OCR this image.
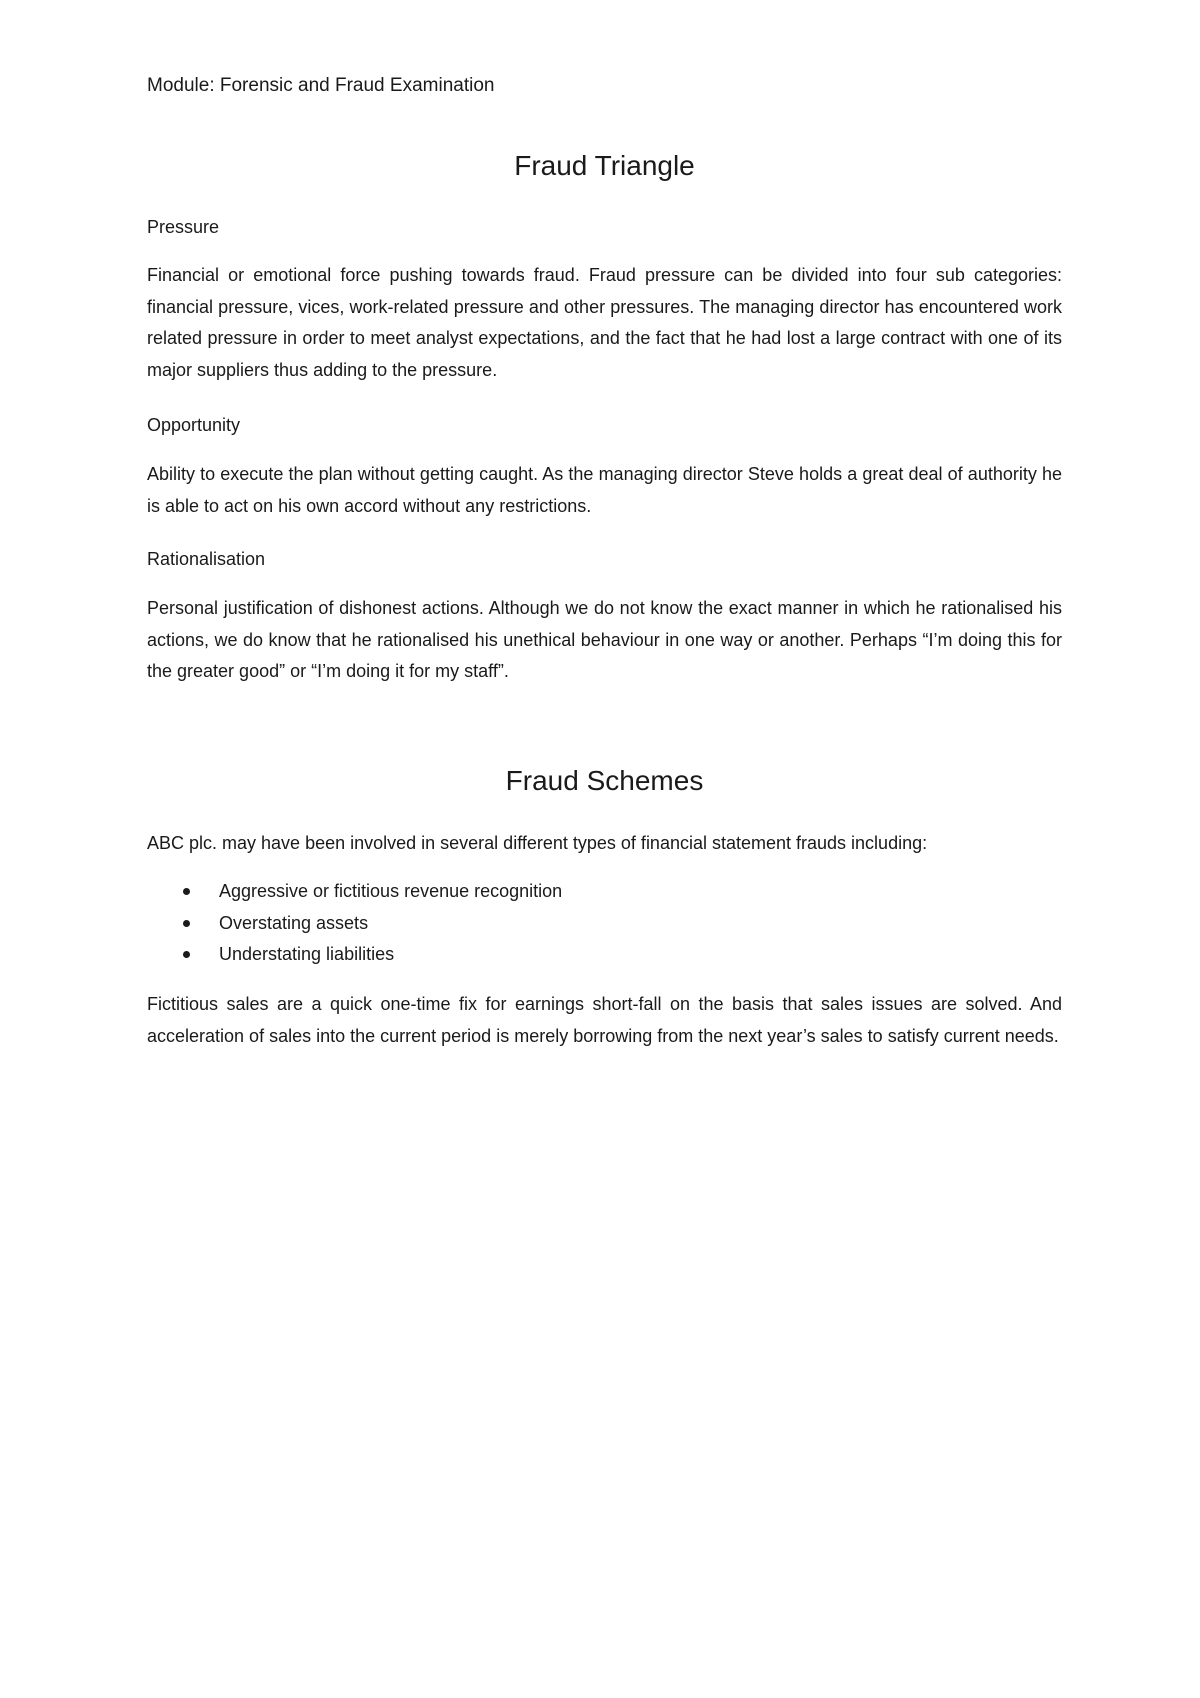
Module: Forensic and Fraud Examination
Fraud Triangle
Pressure

Financial or emotional force pushing towards fraud. Fraud pressure can be divided into four sub categories: financial pressure, vices, work-related pressure and other pressures. The managing director has encountered work related pressure in order to meet analyst expectations, and the fact that he had lost a large contract with one of its major suppliers thus adding to the pressure.

Opportunity

Ability to execute the plan without getting caught. As the managing director Steve holds a great deal of authority he is able to act on his own accord without any restrictions.

Rationalisation

Personal justification of dishonest actions. Although we do not know the exact manner in which he rationalised his actions, we do know that he rationalised his unethical behaviour in one way or another. Perhaps “I’m doing this for the greater good” or “I’m doing it for my staff”.

Fraud Schemes

ABC plc. may have been involved in several different types of financial statement frauds including:

Aggressive or fictitious revenue recognition
Overstating assets
Understating liabilities

Fictitious sales are a quick one-time fix for earnings short-fall on the basis that sales issues are solved. And acceleration of sales into the current period is merely borrowing from the next year’s sales to satisfy current needs.
